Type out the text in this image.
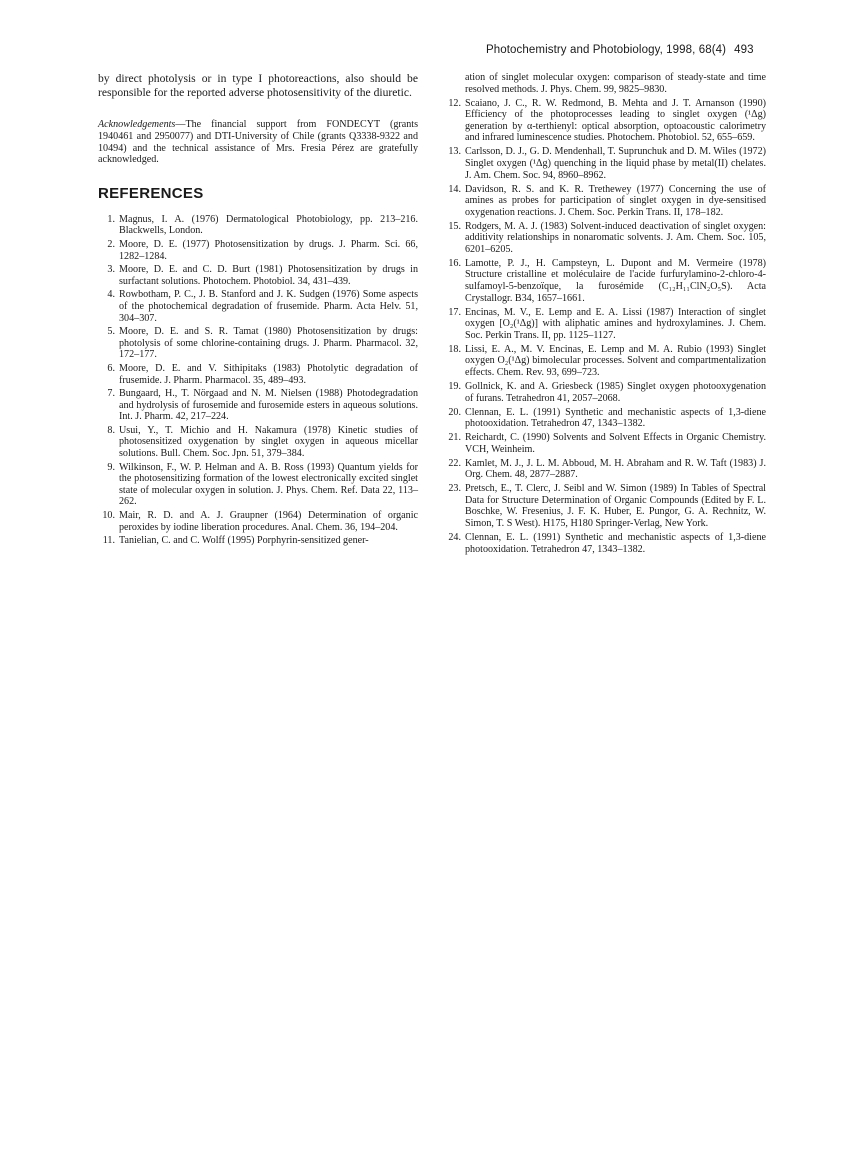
Photochemistry and Photobiology, 1998, 68(4) 493

by direct photolysis or in type I photoreactions, also should be responsible for the reported adverse photosensitivity of the diuretic.

Acknowledgements—The financial support from FONDECYT (grants 1940461 and 2950077) and DTI-University of Chile (grants Q3338-9322 and 10494) and the technical assistance of Mrs. Fresia Pérez are gratefully acknowledged.
REFERENCES
1. Magnus, I. A. (1976) Dermatological Photobiology, pp. 213–216. Blackwells, London.
2. Moore, D. E. (1977) Photosensitization by drugs. J. Pharm. Sci. 66, 1282–1284.
3. Moore, D. E. and C. D. Burt (1981) Photosensitization by drugs in surfactant solutions. Photochem. Photobiol. 34, 431–439.
4. Rowbotham, P. C., J. B. Stanford and J. K. Sudgen (1976) Some aspects of the photochemical degradation of frusemide. Pharm. Acta Helv. 51, 304–307.
5. Moore, D. E. and S. R. Tamat (1980) Photosensitization by drugs: photolysis of some chlorine-containing drugs. J. Pharm. Pharmacol. 32, 172–177.
6. Moore, D. E. and V. Sithipitaks (1983) Photolytic degradation of frusemide. J. Pharm. Pharmacol. 35, 489–493.
7. Bungaard, H., T. Nörgaad and N. M. Nielsen (1988) Photodegradation and hydrolysis of furosemide and furosemide esters in aqueous solutions. Int. J. Pharm. 42, 217–224.
8. Usui, Y., T. Michio and H. Nakamura (1978) Kinetic studies of photosensitized oxygenation by singlet oxygen in aqueous micellar solutions. Bull. Chem. Soc. Jpn. 51, 379–384.
9. Wilkinson, F., W. P. Helman and A. B. Ross (1993) Quantum yields for the photosensitizing formation of the lowest electronically excited singlet state of molecular oxygen in solution. J. Phys. Chem. Ref. Data 22, 113–262.
10. Mair, R. D. and A. J. Graupner (1964) Determination of organic peroxides by iodine liberation procedures. Anal. Chem. 36, 194–204.
11. Tanielian, C. and C. Wolff (1995) Porphyrin-sensitized gener-
ation of singlet molecular oxygen: comparison of steady-state and time resolved methods. J. Phys. Chem. 99, 9825–9830.
12. Scaiano, J. C., R. W. Redmond, B. Mehta and J. T. Arnanson (1990) Efficiency of the photoprocesses leading to singlet oxygen (¹Δg) generation by α-terthienyl: optical absorption, optoacoustic calorimetry and infrared luminescence studies. Photochem. Photobiol. 52, 655–659.
13. Carlsson, D. J., G. D. Mendenhall, T. Suprunchuk and D. M. Wiles (1972) Singlet oxygen (¹Δg) quenching in the liquid phase by metal(II) chelates. J. Am. Chem. Soc. 94, 8960–8962.
14. Davidson, R. S. and K. R. Trethewey (1977) Concerning the use of amines as probes for participation of singlet oxygen in dye-sensitised oxygenation reactions. J. Chem. Soc. Perkin Trans. II, 178–182.
15. Rodgers, M. A. J. (1983) Solvent-induced deactivation of singlet oxygen: additivity relationships in nonaromatic solvents. J. Am. Chem. Soc. 105, 6201–6205.
16. Lamotte, P. J., H. Campsteyn, L. Dupont and M. Vermeire (1978) Structure cristalline et moléculaire de l'acide furfurylamino-2-chloro-4-sulfamoyl-5-benzoïque, la furosémide (C₁₂H₁₁ClN₂O₅S). Acta Crystallogr. B34, 1657–1661.
17. Encinas, M. V., E. Lemp and E. A. Lissi (1987) Interaction of singlet oxygen [O₂(¹Δg)] with aliphatic amines and hydroxylamines. J. Chem. Soc. Perkin Trans. II, pp. 1125–1127.
18. Lissi, E. A., M. V. Encinas, E. Lemp and M. A. Rubio (1993) Singlet oxygen O₂(¹Δg) bimolecular processes. Solvent and compartmentalization effects. Chem. Rev. 93, 699–723.
19. Gollnick, K. and A. Griesbeck (1985) Singlet oxygen photooxygenation of furans. Tetrahedron 41, 2057–2068.
20. Clennan, E. L. (1991) Synthetic and mechanistic aspects of 1,3-diene photooxidation. Tetrahedron 47, 1343–1382.
21. Reichardt, C. (1990) Solvents and Solvent Effects in Organic Chemistry. VCH, Weinheim.
22. Kamlet, M. J., J. L. M. Abboud, M. H. Abraham and R. W. Taft (1983) J. Org. Chem. 48, 2877–2887.
23. Pretsch, E., T. Clerc, J. Seibl and W. Simon (1989) In Tables of Spectral Data for Structure Determination of Organic Compounds (Edited by F. L. Boschke, W. Fresenius, J. F. K. Huber, E. Pungor, G. A. Rechnitz, W. Simon, T. S West). H175, H180 Springer-Verlag, New York.
24. Clennan, E. L. (1991) Synthetic and mechanistic aspects of 1,3-diene photooxidation. Tetrahedron 47, 1343–1382.
